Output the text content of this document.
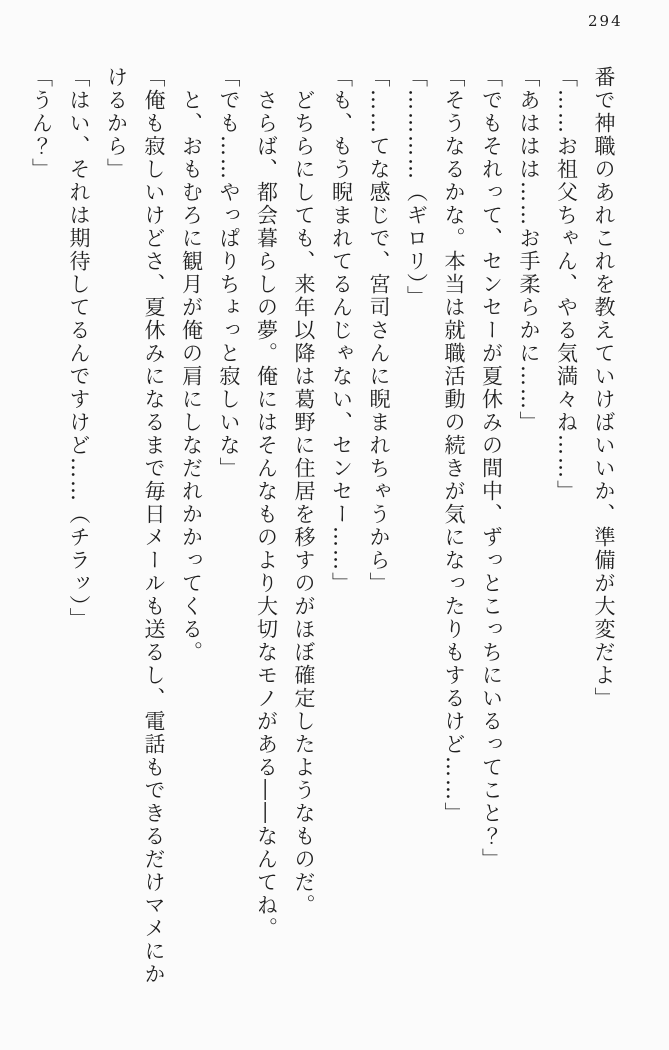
294

番で神職のあれこれを教えていけばいいか、準備が大変だよ」

「……お祖父ちゃん、やる気満々ね……」

「あははは……お手柔らかに……」

「でもそれって、センセーが夏休みの間中、ずっとこっちにいるってこと？」

「そうなるかな。本当は就職活動の続きが気になったりもするけど……」

「…………（ギロリ）」

「……てな感じで、宮司さんに睨まれちゃうから」

「も、もう睨まれてるんじゃない、センセー……」

　どちらにしても、来年以降は葛野に住居を移すのがほぼ確定したようなものだ。

　さらば、都会暮らしの夢。俺にはそんなものより大切なモノがある――なんてね。

「でも……やっぱりちょっと寂しいな」

　と、おもむろに観月が俺の肩にしなだれかかってくる。

「俺も寂しいけどさ、夏休みになるまで毎日メールも送るし、電話もできるだけマメにか

けるから」

「はい、それは期待してるんですけど……（チラッ）」

「うん？」
